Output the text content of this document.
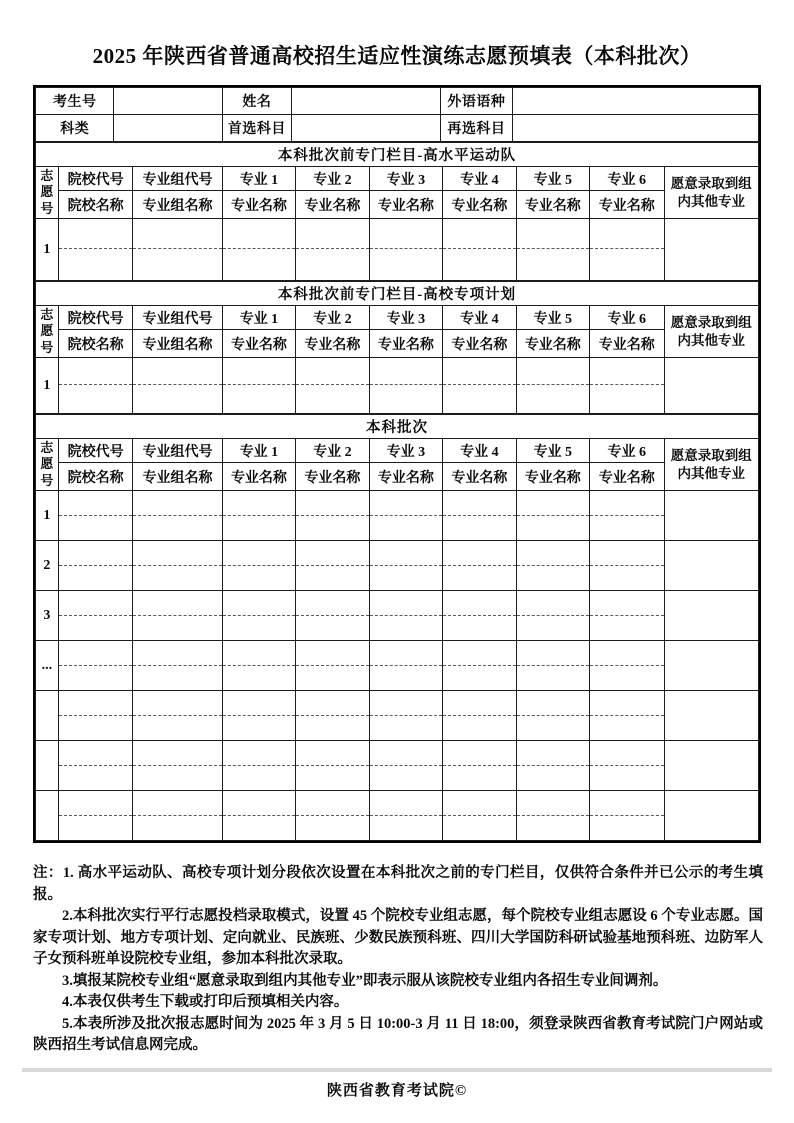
2025 年陕西省普通高校招生适应性演练志愿预填表（本科批次）
考生号		姓名		外语语种	
科类		首选科目		再选科目	
本科批次前专门栏目-高水平运动队									
志
愿
号	院校代号	专业组代号	专业 1	专业 2	专业 3	专业 4	专业 5	专业 6	愿意录取到组内其他专业
	院校名称	专业组名称	专业名称	专业名称	专业名称	专业名称	专业名称	专业名称	
1	

本科批次前专门栏目-高校专项计划									
志
愿
号	院校代号	专业组代号	专业 1	专业 2	专业 3	专业 4	专业 5	专业 6	愿意录取到组内其他专业
	院校名称	专业组名称	专业名称	专业名称	专业名称	专业名称	专业名称	专业名称	
1	

本科批次									
志
愿
号	院校代号	专业组代号	专业 1	专业 2	专业 3	专业 4	专业 5	专业 6	愿意录取到组内其他专业
	院校名称	专业组名称	专业名称	专业名称	专业名称	专业名称	专业名称	专业名称	
1	

2	

3	

...	

注：1. 高水平运动队、高校专项计划分段依次设置在本科批次之前的专门栏目，仅供符合条件并已公示的考生填报。

2.本科批次实行平行志愿投档录取模式，设置 45 个院校专业组志愿，每个院校专业组志愿设 6 个专业志愿。国家专项计划、地方专项计划、定向就业、民族班、少数民族预科班、四川大学国防科研试验基地预科班、边防军人子女预科班单设院校专业组，参加本科批次录取。

3.填报某院校专业组“愿意录取到组内其他专业”即表示服从该院校专业组内各招生专业间调剂。

4.本表仅供考生下载或打印后预填相关内容。

5.本表所涉及批次报志愿时间为 2025 年 3 月 5 日 10:00-3 月 11 日 18:00，须登录陕西省教育考试院门户网站或陕西招生考试信息网完成。

陕西省教育考试院©
